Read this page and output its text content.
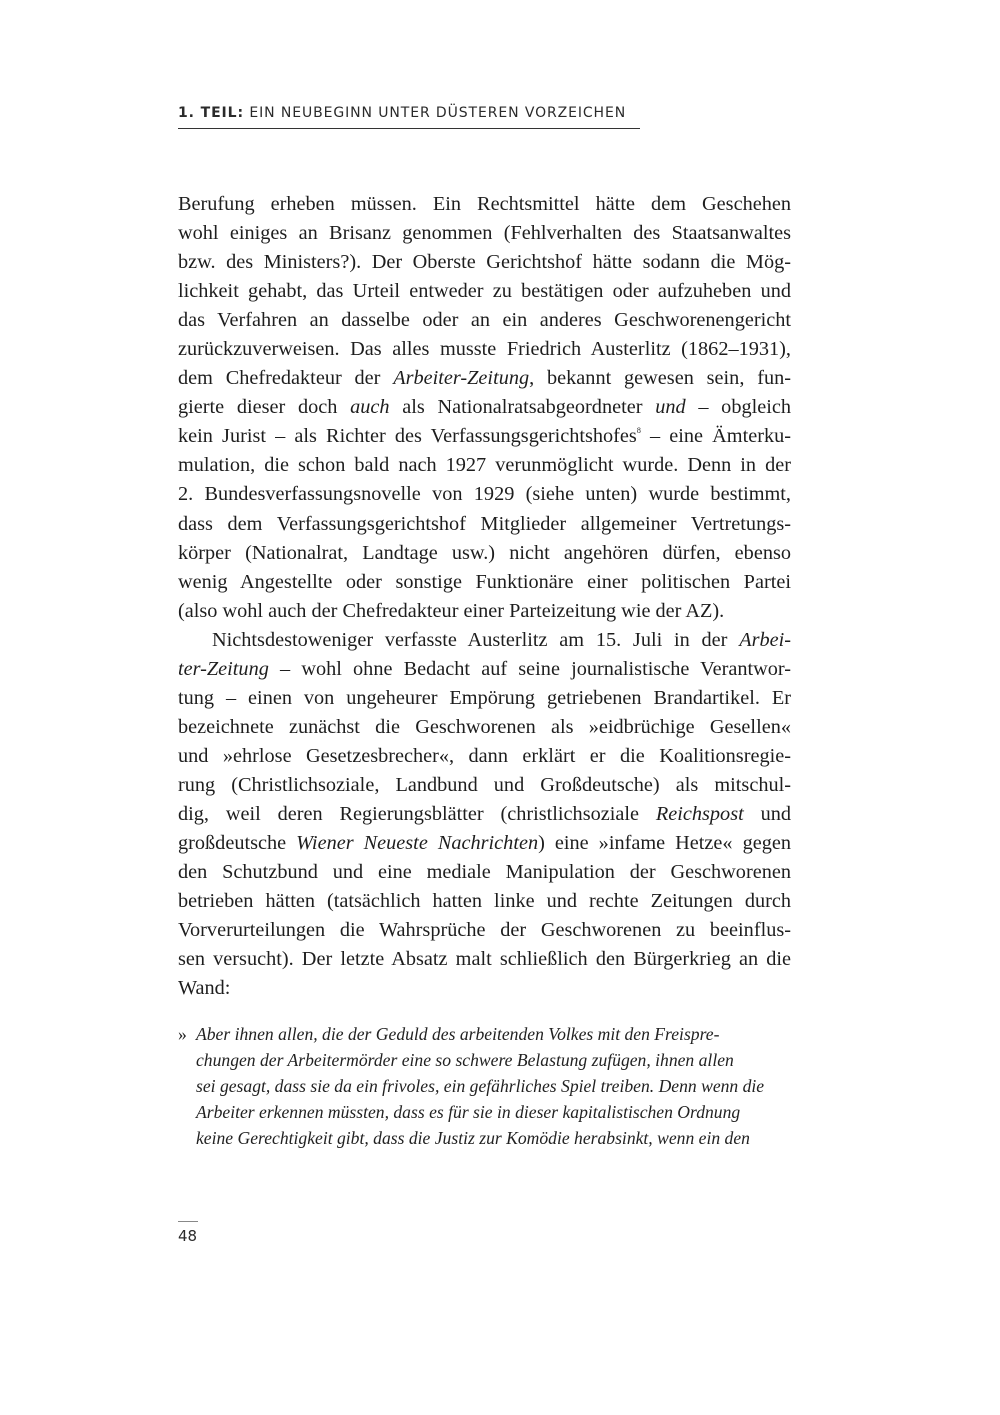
1. TEIL: EIN NEUBEGINN UNTER DÜSTEREN VORZEICHEN
Berufung erheben müssen. Ein Rechtsmittel hätte dem Geschehen
wohl einiges an Brisanz genommen (Fehlverhalten des Staatsanwaltes
bzw. des Ministers?). Der Oberste Gerichtshof hätte sodann die Mög-
lichkeit gehabt, das Urteil entweder zu bestätigen oder aufzuheben und
das Verfahren an dasselbe oder an ein anderes Geschworenengericht
zurückzuverweisen. Das alles musste Friedrich Austerlitz (1862–1931),
dem Chefredakteur der Arbeiter-Zeitung, bekannt gewesen sein, fun-
gierte dieser doch auch als Nationalratsabgeordneter und – obgleich
kein Jurist – als Richter des Verfassungsgerichtshofes$^8$ – eine Ämterku-
mulation, die schon bald nach 1927 verunmöglicht wurde. Denn in der
2. Bundesverfassungsnovelle von 1929 (siehe unten) wurde bestimmt,
dass dem Verfassungsgerichtshof Mitglieder allgemeiner Vertretungs-
körper (Nationalrat, Landtage usw.) nicht angehören dürfen, ebenso
wenig Angestellte oder sonstige Funktionäre einer politischen Partei
(also wohl auch der Chefredakteur einer Parteizeitung wie der AZ).
Nichtsdestoweniger verfasste Austerlitz am 15. Juli in der Arbei-
ter-Zeitung – wohl ohne Bedacht auf seine journalistische Verantwor-
tung – einen von ungeheurer Empörung getriebenen Brandartikel. Er
bezeichnete zunächst die Geschworenen als »eidbrüchige Gesellen«
und »ehrlose Gesetzesbrecher«, dann erklärt er die Koalitionsregie-
rung (Christlichsoziale, Landbund und Großdeutsche) als mitschul-
dig, weil deren Regierungsblätter (christlichsoziale Reichspost und
großdeutsche Wiener Neueste Nachrichten) eine »infame Hetze« gegen
den Schutzbund und eine mediale Manipulation der Geschworenen
betrieben hätten (tatsächlich hatten linke und rechte Zeitungen durch
Vorverurteilungen die Wahrsprüche der Geschworenen zu beeinflus-
sen versucht). Der letzte Absatz malt schließlich den Bürgerkrieg an die
Wand:
» Aber ihnen allen, die der Geduld des arbeitenden Volkes mit den Freispre-
chungen der Arbeitermörder eine so schwere Belastung zufügen, ihnen allen
sei gesagt, dass sie da ein frivoles, ein gefährliches Spiel treiben. Denn wenn die
Arbeiter erkennen müssten, dass es für sie in dieser kapitalistischen Ordnung
keine Gerechtigkeit gibt, dass die Justiz zur Komödie herabsinkt, wenn ein den
48
